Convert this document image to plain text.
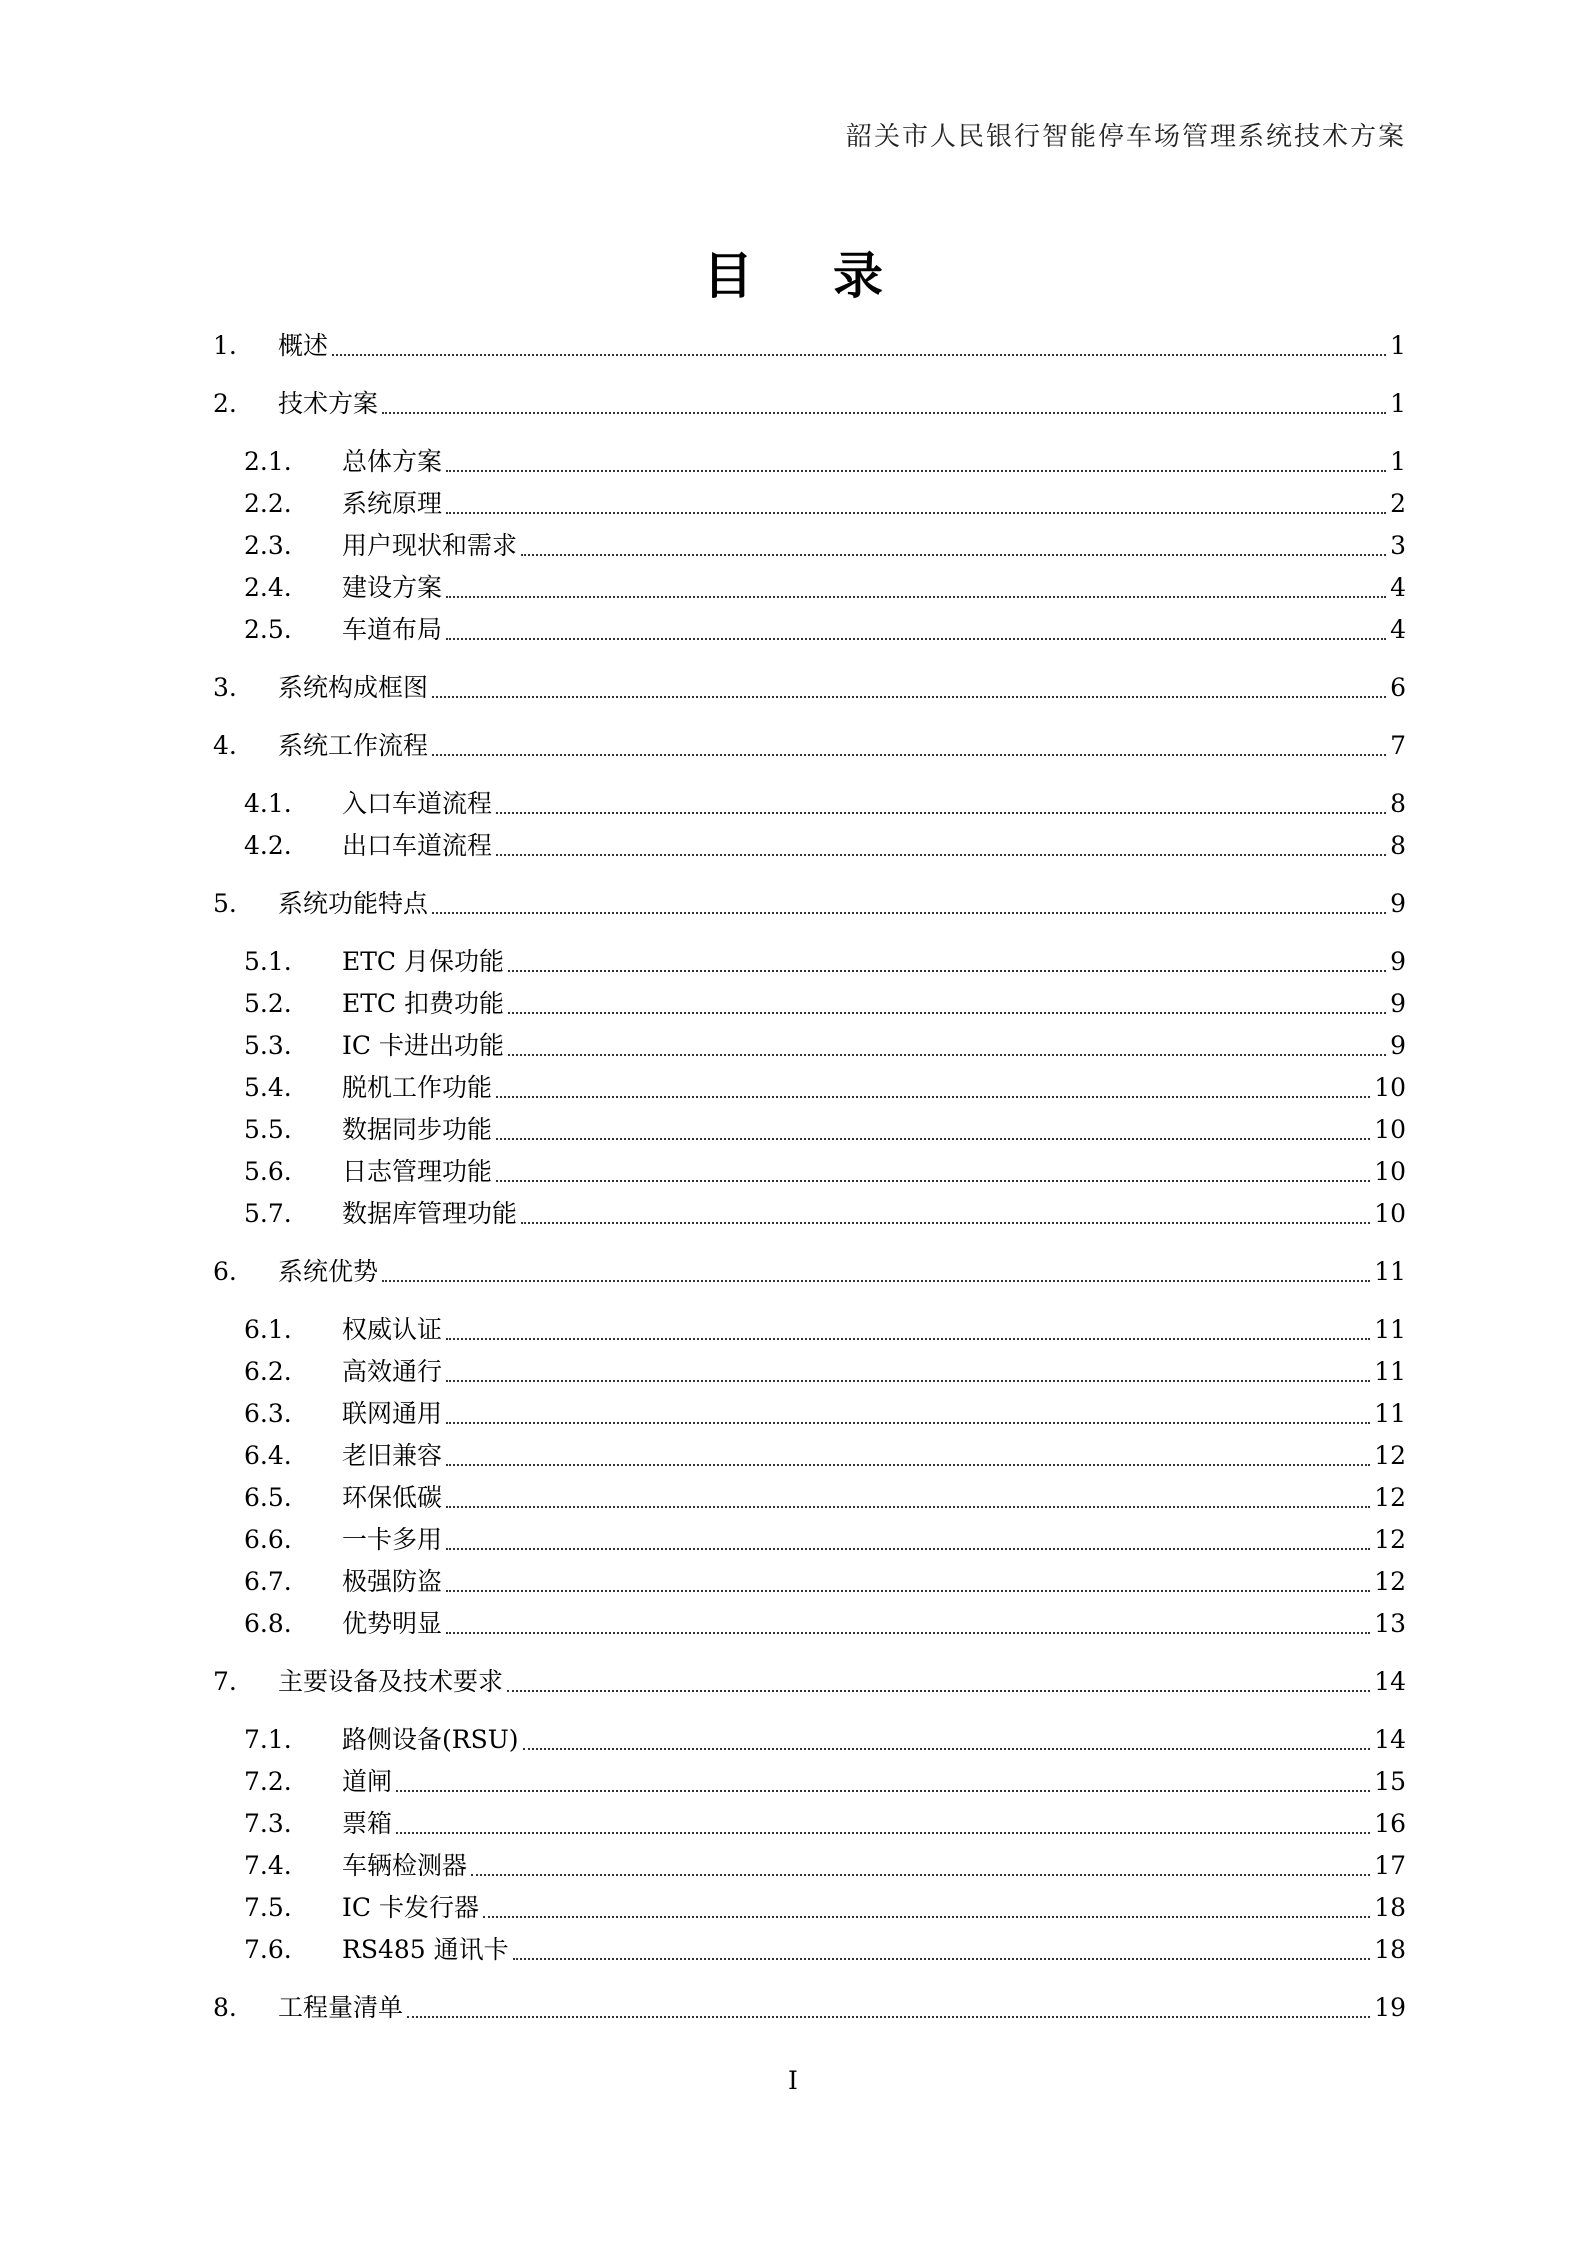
韶关市人民银行智能停车场管理系统技术方案
目 录
1.	概述	1
2.	技术方案	1
2.1.	总体方案	1
2.2.	系统原理	2
2.3.	用户现状和需求	3
2.4.	建设方案	4
2.5.	车道布局	4
3.	系统构成框图	6
4.	系统工作流程	7
4.1.	入口车道流程	8
4.2.	出口车道流程	8
5.	系统功能特点	9
5.1.	ETC 月保功能	9
5.2.	ETC 扣费功能	9
5.3.	IC 卡进出功能	9
5.4.	脱机工作功能	10
5.5.	数据同步功能	10
5.6.	日志管理功能	10
5.7.	数据库管理功能	10
6.	系统优势	11
6.1.	权威认证	11
6.2.	高效通行	11
6.3.	联网通用	11
6.4.	老旧兼容	12
6.5.	环保低碳	12
6.6.	一卡多用	12
6.7.	极强防盗	12
6.8.	优势明显	13
7.	主要设备及技术要求	14
7.1.	路侧设备(RSU)	14
7.2.	道闸	15
7.3.	票箱	16
7.4.	车辆检测器	17
7.5.	IC 卡发行器	18
7.6.	RS485 通讯卡	18
8.	工程量清单	19
I
